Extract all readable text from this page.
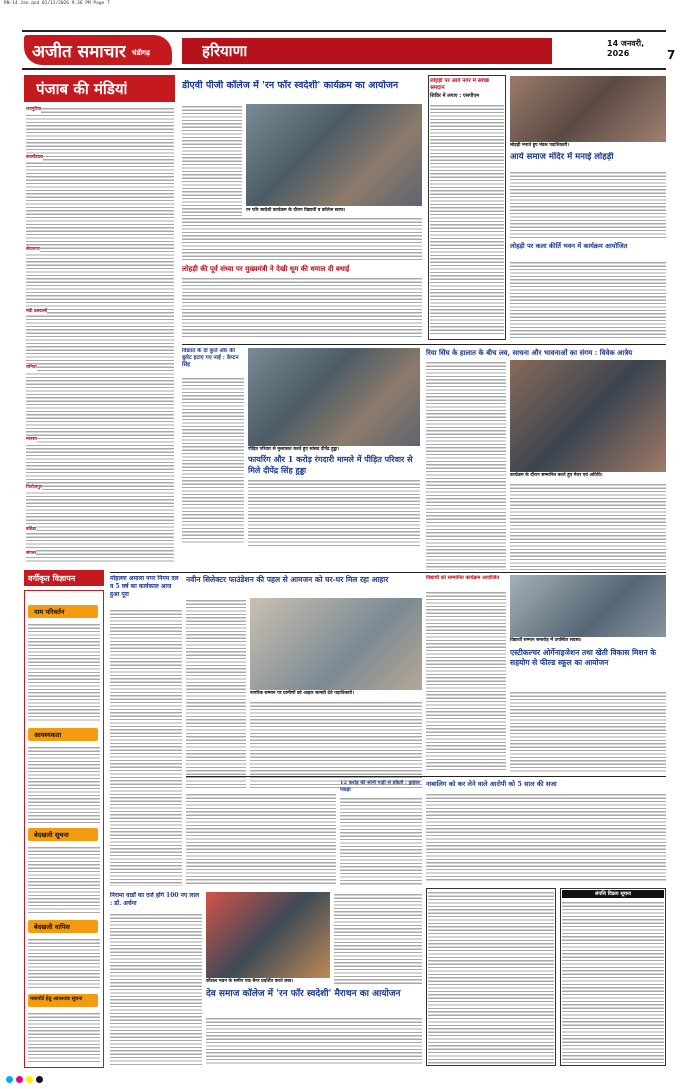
RN-14 Jan.qxd 01/13/2026 9:36 PM Page 7
अजीत समाचार चंडीगढ़	हरियाणा	14 जनवरी, 2026	7
पंजाब की मंडियां
रायपुरिया
कालाँवाला
सेवानगर
मंडी डबवाली
रानियां
मानसा
फिरोजपुर
बठिंडा
संगरुर
वर्गीकृत विज्ञापन
नाम परिवर्तन
आवश्यकता
बेदखली सूचना
बेदखली वापिस
पासपोर्ट हेतु आवश्यक सूचना
डीएवी पीजी कॉलेज में 'रन फॉर स्वदेशी' कार्यक्रम का आयोजन
रन फॉर स्वदेशी कार्यक्रम के दौरान विद्यार्थी व कॉलेज स्टाफ।
लोहड़ी की पूर्व संध्या पर मुख्यमंत्री ने देखी धूम की धमाल दी बधाई
लोहड़ी पर आर्य नगर में स्वच्छ श्रमदान
शिविर में लगाए : एसपीएम
लोहड़ी मनाते हुए मंडल पदाधिकारी।
आर्य समाज मंदिर में मनाई लोहड़ी
लोहड़ी पर कला कीर्ति भवन में कार्यक्रम आयोजित
विक्रांत के दो कुत्ते और की बुलेट हटाए गए नाई : केप्टन सिंह
पीड़ित परिवार से मुलाकात करते हुए सांसद दीपेंद्र हुड्डा।
फायरिंग और 1 करोड़ रंगदारी मामले में पीड़ित परिवार से मिले दीपेंद्र सिंह हुड्डा
रिया सिंघ के हालात के बीच लव, साधना और भावनाओं का संगम : विवेक आत्रेय
कार्यक्रम के दौरान सम्मानित करते हुए मेयर एवं अतिथि।
मोहल्ला अमाला नगर निगम दल व 5 वर्ष का कार्यकाल आज हुआ पूरा
नवीन सिलेक्टर फाउंडेशन की पहल से आमजन को घर-घर मिल रहा आहार
नागरिक सम्मान पर ग्रामीणों को आहार सामग्री देते पदाधिकारी।
विद्यार्थी को सम्मानित कार्यक्रम आयोजित
विद्यार्थी सम्मान समारोह में उपस्थित सदस्य।
एस्टीकल्चर ओर्गेनाइजेशन तथा खेती विकास मिशन के सहयोग से फील्ड स्कूल का आयोजन
निरामा वार्डों का दर्ज होंगे 100 नए लाल : डॉ. अर्चना
कौशल भवन के समीप एक बैनर प्रदर्शित करते छात्र।
देव समाज कॉलेज में 'रन फॉर स्वदेशी' मैराथन का आयोजन
12 करोड़ की सोनी गाड़ी से डकैती : ड्राईवर पकड़ा
नाबालिग को कर लेने वाले आरोपी को 5 साल की सजा
संपत्ति विक्रय सूचना
